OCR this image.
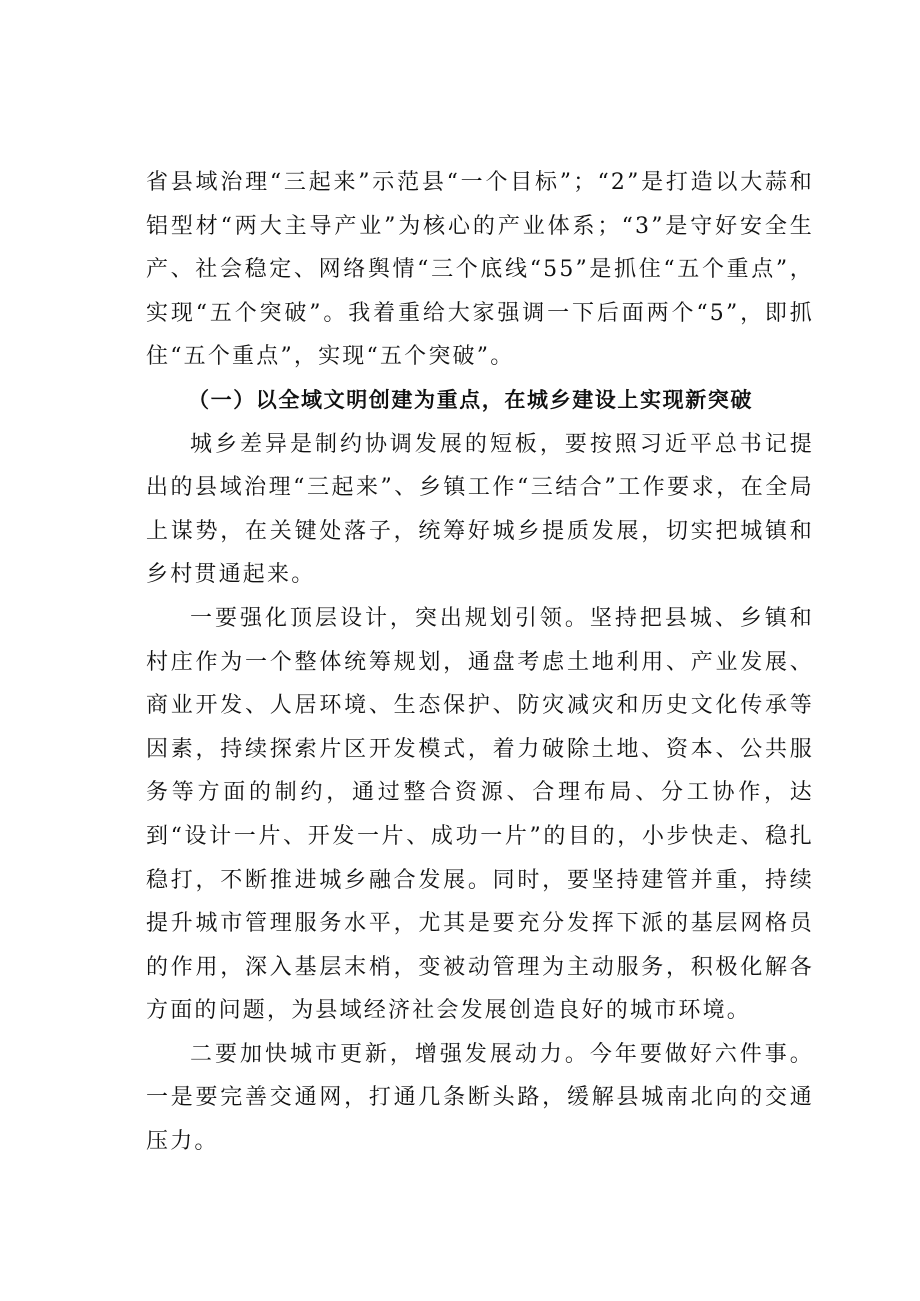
省县域治理“三起来”示范县“一个目标”；“2”是打造以大蒜和铝型材“两大主导产业”为核心的产业体系；“3”是守好安全生产、社会稳定、网络舆情“三个底线“55”是抓住“五个重点”，实现“五个突破”。我着重给大家强调一下后面两个“5”，即抓住“五个重点”，实现“五个突破”。

（一）以全域文明创建为重点，在城乡建设上实现新突破

城乡差异是制约协调发展的短板，要按照习近平总书记提出的县域治理“三起来”、乡镇工作“三结合”工作要求，在全局上谋势，在关键处落子，统筹好城乡提质发展，切实把城镇和乡村贯通起来。

一要强化顶层设计，突出规划引领。坚持把县城、乡镇和村庄作为一个整体统筹规划，通盘考虑土地利用、产业发展、商业开发、人居环境、生态保护、防灾减灾和历史文化传承等因素，持续探索片区开发模式，着力破除土地、资本、公共服务等方面的制约，通过整合资源、合理布局、分工协作，达到“设计一片、开发一片、成功一片”的目的，小步快走、稳扎稳打，不断推进城乡融合发展。同时，要坚持建管并重，持续提升城市管理服务水平，尤其是要充分发挥下派的基层网格员的作用，深入基层末梢，变被动管理为主动服务，积极化解各方面的问题，为县域经济社会发展创造良好的城市环境。

二要加快城市更新，增强发展动力。今年要做好六件事。一是要完善交通网，打通几条断头路，缓解县城南北向的交通压力。
